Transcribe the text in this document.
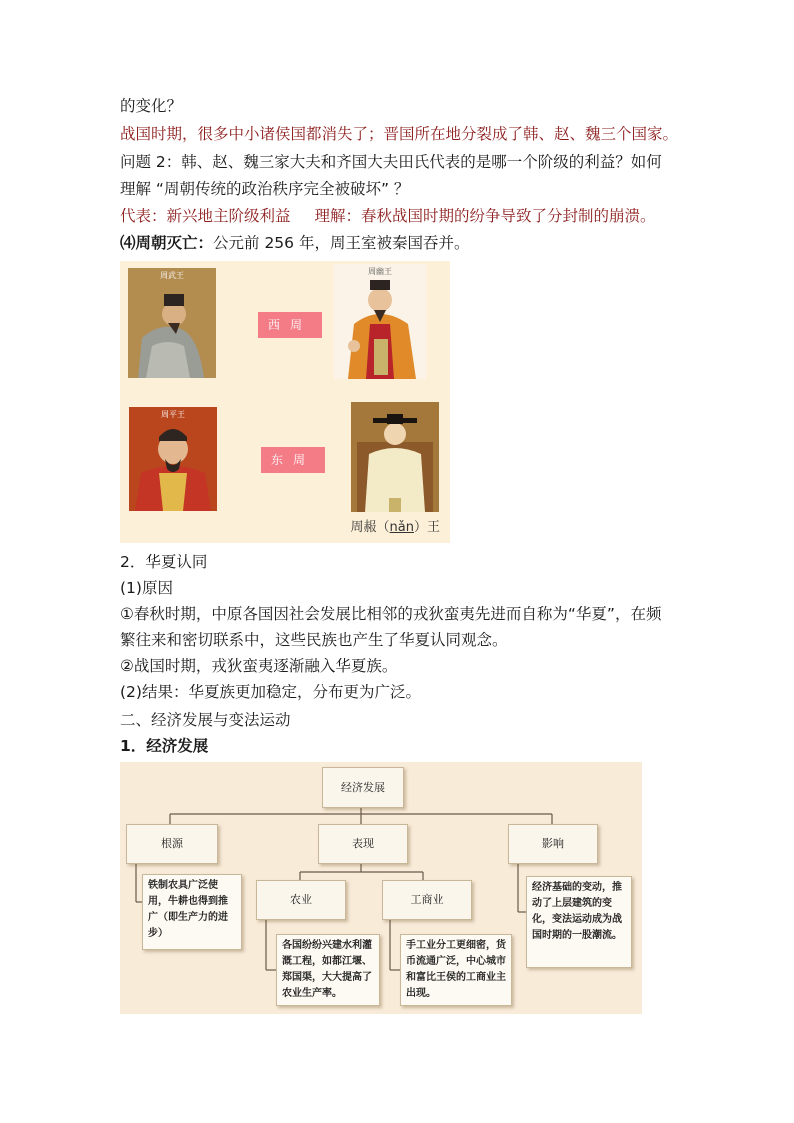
的变化？
战国时期，很多中小诸侯国都消失了；晋国所在地分裂成了韩、赵、魏三个国家。
问题 2：韩、赵、魏三家大夫和齐国大夫田氏代表的是哪一个阶级的利益？如何
理解 “周朝传统的政治秩序完全被破坏” ？
代表：新兴地主阶级利益 理解：春秋战国时期的纷争导致了分封制的崩溃。
⑷周朝灭亡：公元前 256 年，周王室被秦国吞并。
周武王
西周
周幽王
周平王
东周
周赧（nǎn）王
2．华夏认同
(1)原因
①春秋时期，中原各国因社会发展比相邻的戎狄蛮夷先进而自称为“华夏”，在频
繁往来和密切联系中，这些民族也产生了华夏认同观念。
②战国时期，戎狄蛮夷逐渐融入华夏族。
(2)结果：华夏族更加稳定，分布更为广泛。
二、经济发展与变法运动
1．经济发展
经济发展
根源	表现	影响
农业	工商业
铁制农具广泛使用，牛耕也得到推广（即生产力的进步）
各国纷纷兴建水利灌溉工程，如都江堰、郑国渠，大大提高了农业生产率。
手工业分工更细密，货币流通广泛，中心城市和富比王侯的工商业主出现。
经济基础的变动，推动了上层建筑的变化，变法运动成为战国时期的一股潮流。
